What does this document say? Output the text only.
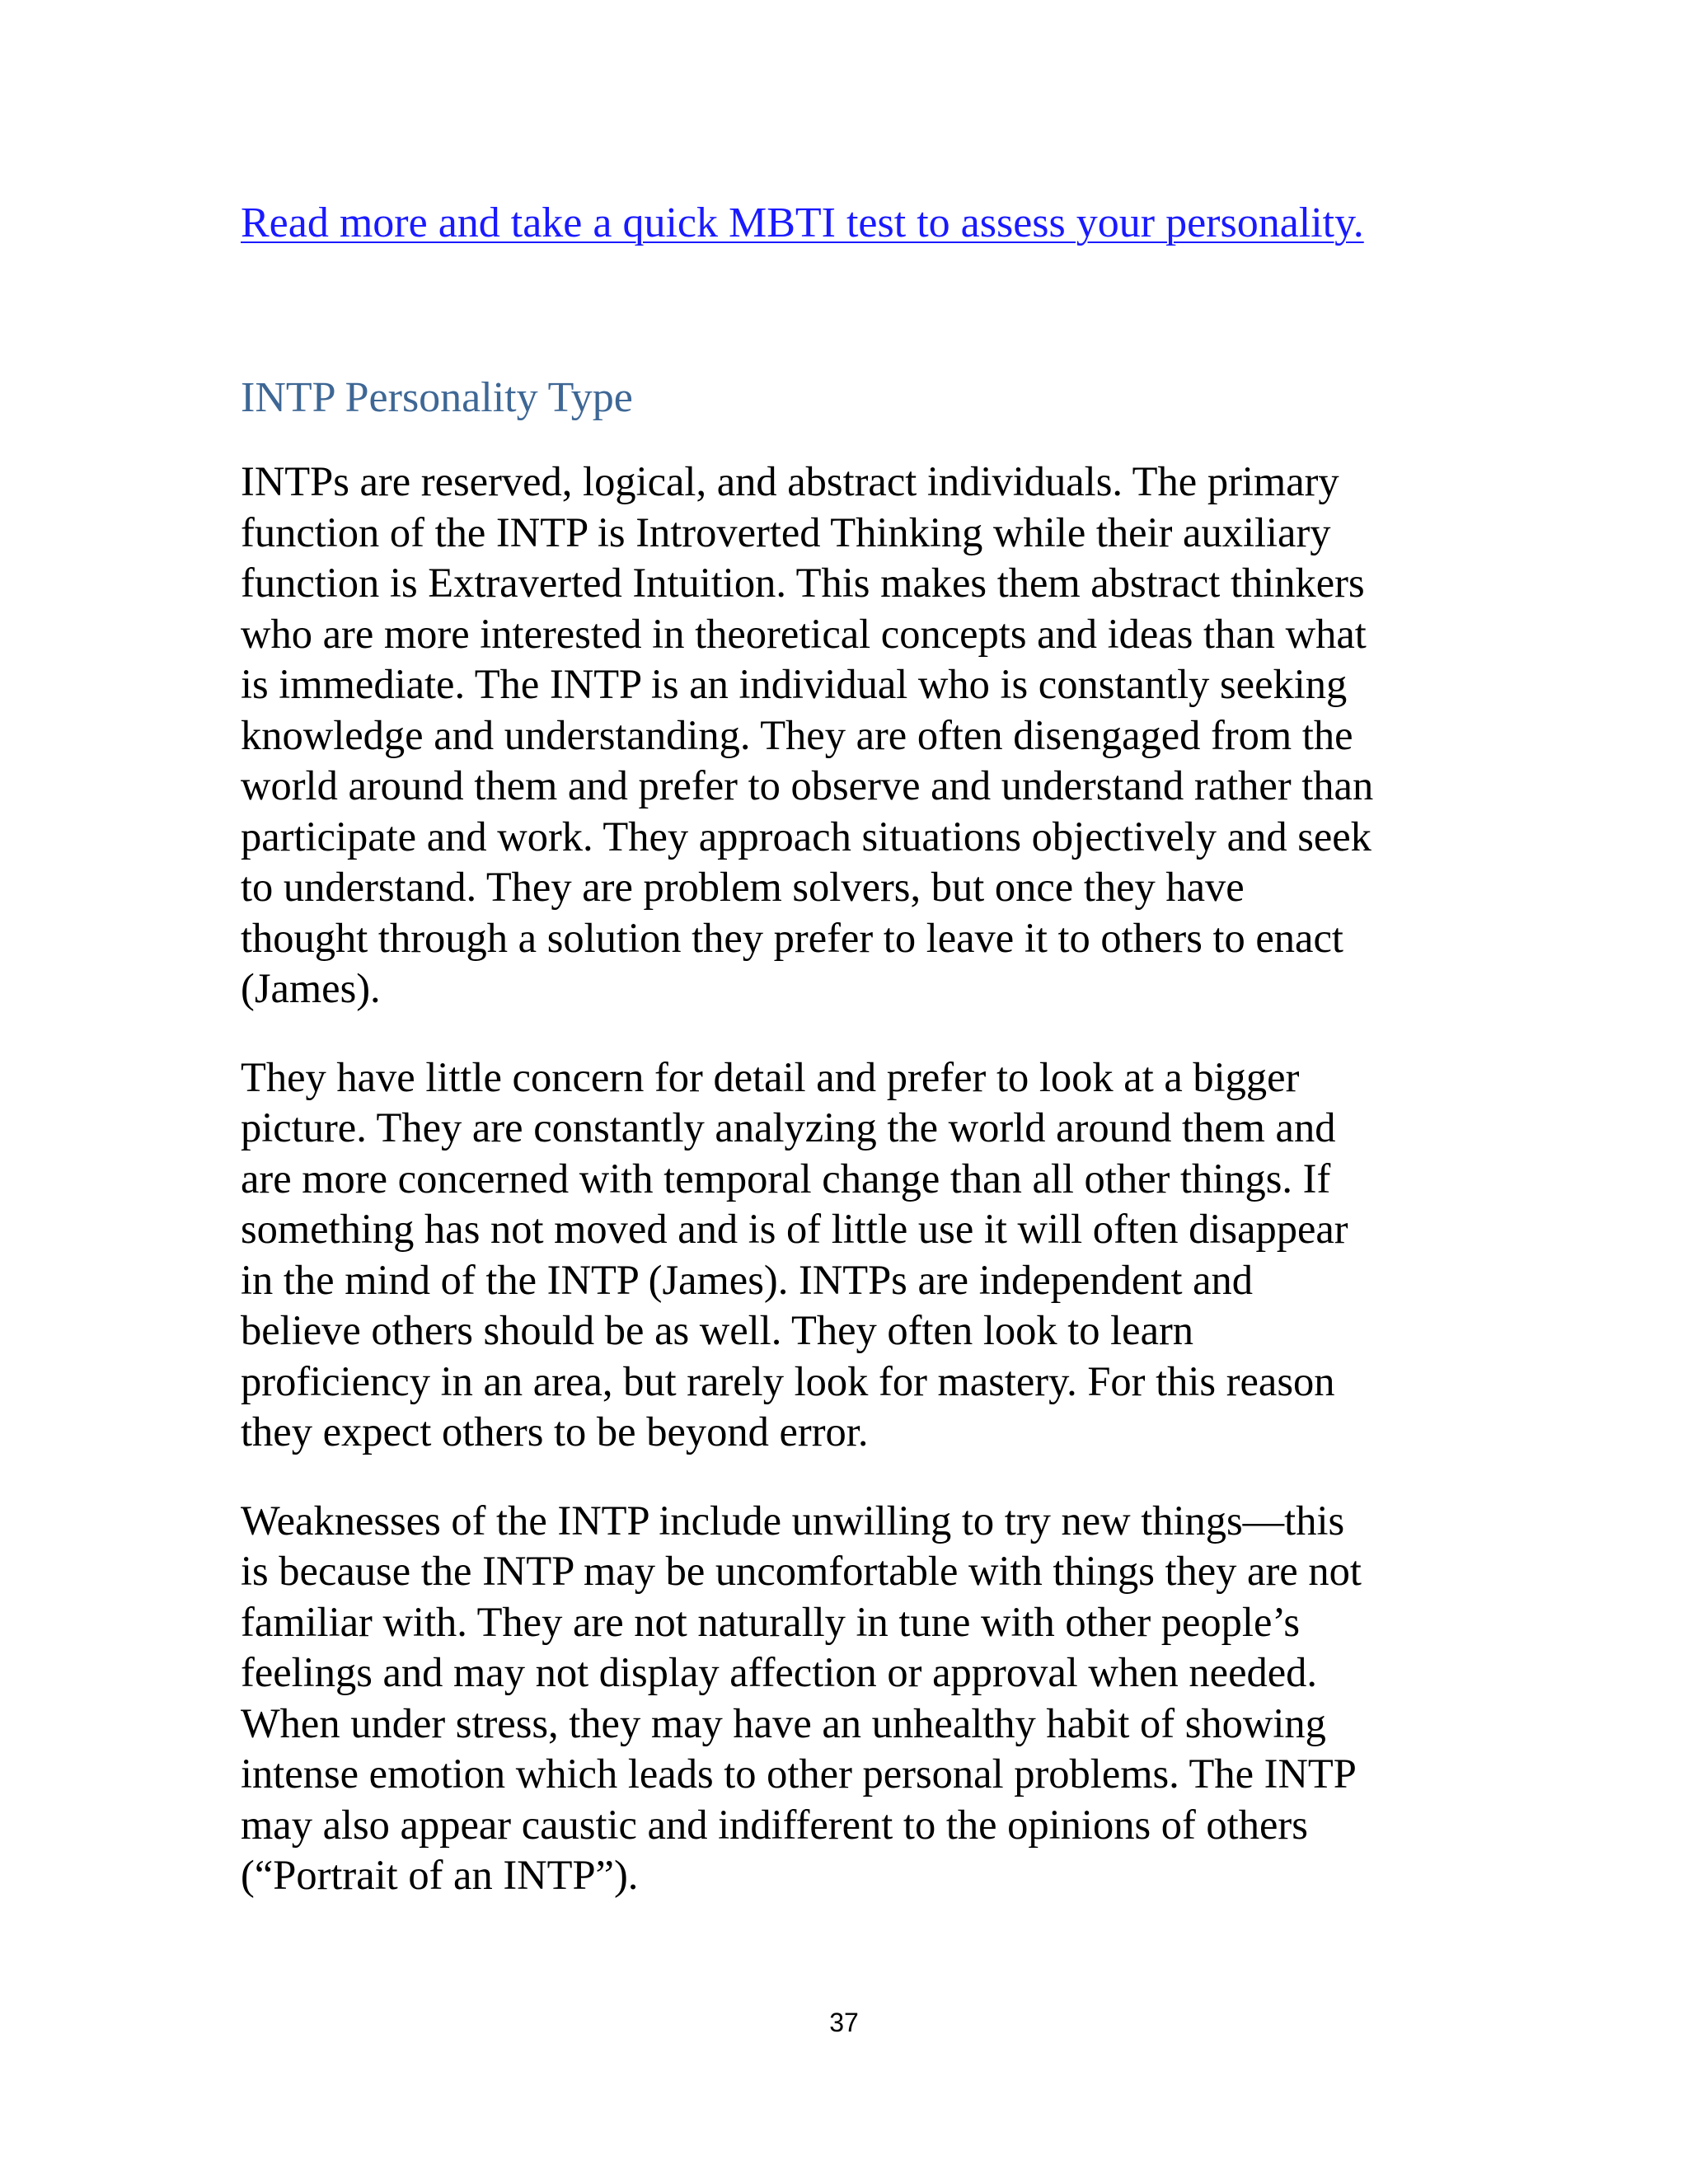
Read more and take a quick MBTI test to assess your personality.
INTP Personality Type

INTPs are reserved, logical, and abstract individuals. The primary
function of the INTP is Introverted Thinking while their auxiliary
function is Extraverted Intuition. This makes them abstract thinkers
who are more interested in theoretical concepts and ideas than what
is immediate. The INTP is an individual who is constantly seeking
knowledge and understanding. They are often disengaged from the
world around them and prefer to observe and understand rather than
participate and work. They approach situations objectively and seek
to understand. They are problem solvers, but once they have
thought through a solution they prefer to leave it to others to enact
(James).

They have little concern for detail and prefer to look at a bigger
picture. They are constantly analyzing the world around them and
are more concerned with temporal change than all other things. If
something has not moved and is of little use it will often disappear
in the mind of the INTP (James). INTPs are independent and
believe others should be as well. They often look to learn
proficiency in an area, but rarely look for mastery. For this reason
they expect others to be beyond error.

Weaknesses of the INTP include unwilling to try new things—this
is because the INTP may be uncomfortable with things they are not
familiar with. They are not naturally in tune with other people’s
feelings and may not display affection or approval when needed.
When under stress, they may have an unhealthy habit of showing
intense emotion which leads to other personal problems. The INTP
may also appear caustic and indifferent to the opinions of others
(“Portrait of an INTP”).

37
